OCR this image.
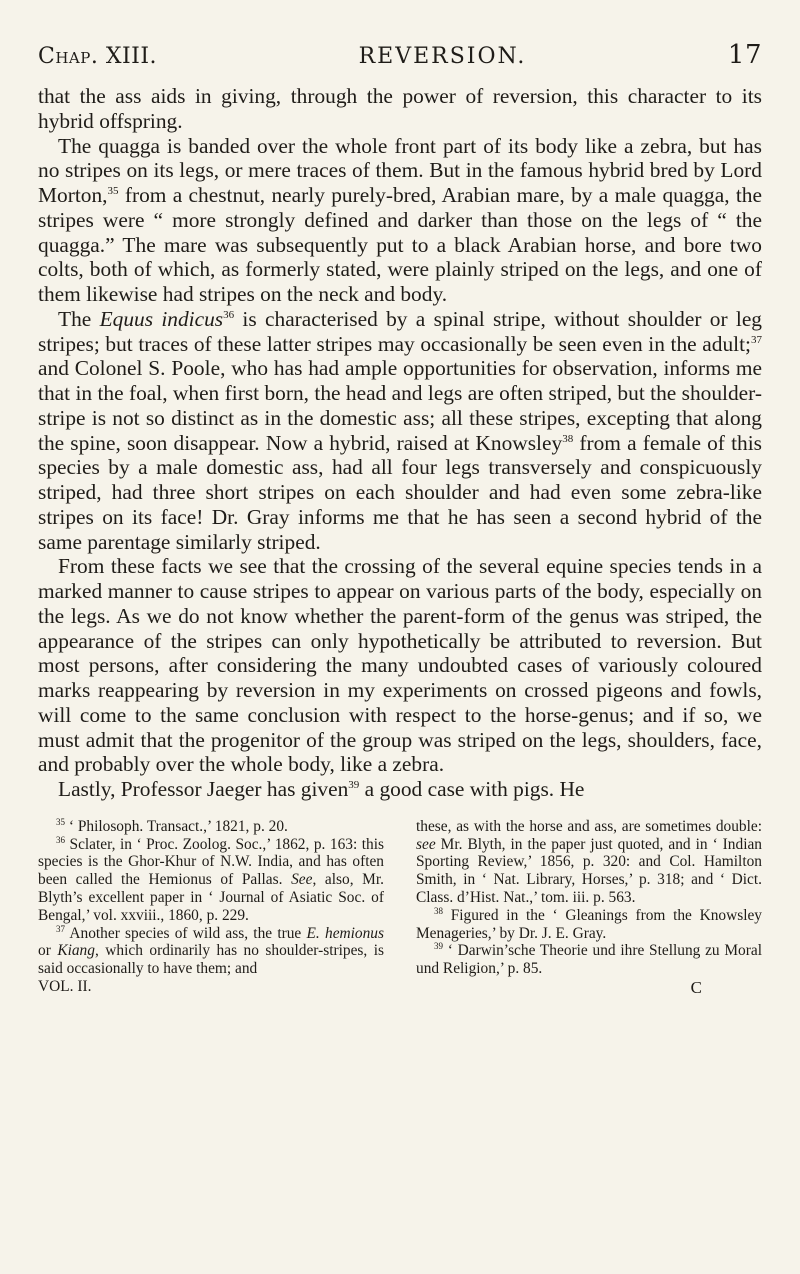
Chap. XIII.	REVERSION.	17

that the ass aids in giving, through the power of reversion, this character to its hybrid offspring.

The quagga is banded over the whole front part of its body like a zebra, but has no stripes on its legs, or mere traces of them. But in the famous hybrid bred by Lord Morton,$^{35}$ from a chestnut, nearly purely-bred, Arabian mare, by a male quagga, the stripes were “ more strongly defined and darker than those on the legs of “ the quagga.” The mare was subsequently put to a black Arabian horse, and bore two colts, both of which, as formerly stated, were plainly striped on the legs, and one of them likewise had stripes on the neck and body.

The Equus indicus$^{36}$ is characterised by a spinal stripe, without shoulder or leg stripes; but traces of these latter stripes may occasionally be seen even in the adult;$^{37}$ and Colonel S. Poole, who has had ample opportunities for observation, informs me that in the foal, when first born, the head and legs are often striped, but the shoulder-stripe is not so distinct as in the domestic ass; all these stripes, excepting that along the spine, soon disappear. Now a hybrid, raised at Knowsley$^{38}$ from a female of this species by a male domestic ass, had all four legs transversely and conspicuously striped, had three short stripes on each shoulder and had even some zebra-like stripes on its face! Dr. Gray informs me that he has seen a second hybrid of the same parentage similarly striped.

From these facts we see that the crossing of the several equine species tends in a marked manner to cause stripes to appear on various parts of the body, especially on the legs. As we do not know whether the parent-form of the genus was striped, the appearance of the stripes can only hypothetically be attributed to reversion. But most persons, after considering the many undoubted cases of variously coloured marks reappearing by reversion in my experiments on crossed pigeons and fowls, will come to the same conclusion with respect to the horse-genus; and if so, we must admit that the progenitor of the group was striped on the legs, shoulders, face, and probably over the whole body, like a zebra.

Lastly, Professor Jaeger has given$^{39}$ a good case with pigs. He

$^{35}$ ‘ Philosoph. Transact.,’ 1821, p. 20.

$^{36}$ Sclater, in ‘ Proc. Zoolog. Soc.,’ 1862, p. 163: this species is the Ghor-Khur of N.W. India, and has often been called the Hemionus of Pallas. See, also, Mr. Blyth’s excellent paper in ‘ Journal of Asiatic Soc. of Bengal,’ vol. xxviii., 1860, p. 229.

$^{37}$ Another species of wild ass, the true E. hemionus or Kiang, which ordinarily has no shoulder-stripes, is said occasionally to have them; and

these, as with the horse and ass, are sometimes double: see Mr. Blyth, in the paper just quoted, and in ‘ Indian Sporting Review,’ 1856, p. 320: and Col. Hamilton Smith, in ‘ Nat. Library, Horses,’ p. 318; and ‘ Dict. Class. d’Hist. Nat.,’ tom. iii. p. 563.

$^{38}$ Figured in the ‘ Gleanings from the Knowsley Menageries,’ by Dr. J. E. Gray.

$^{39}$ ‘ Darwin’sche Theorie und ihre Stellung zu Moral und Religion,’ p. 85.

VOL. II.	C
